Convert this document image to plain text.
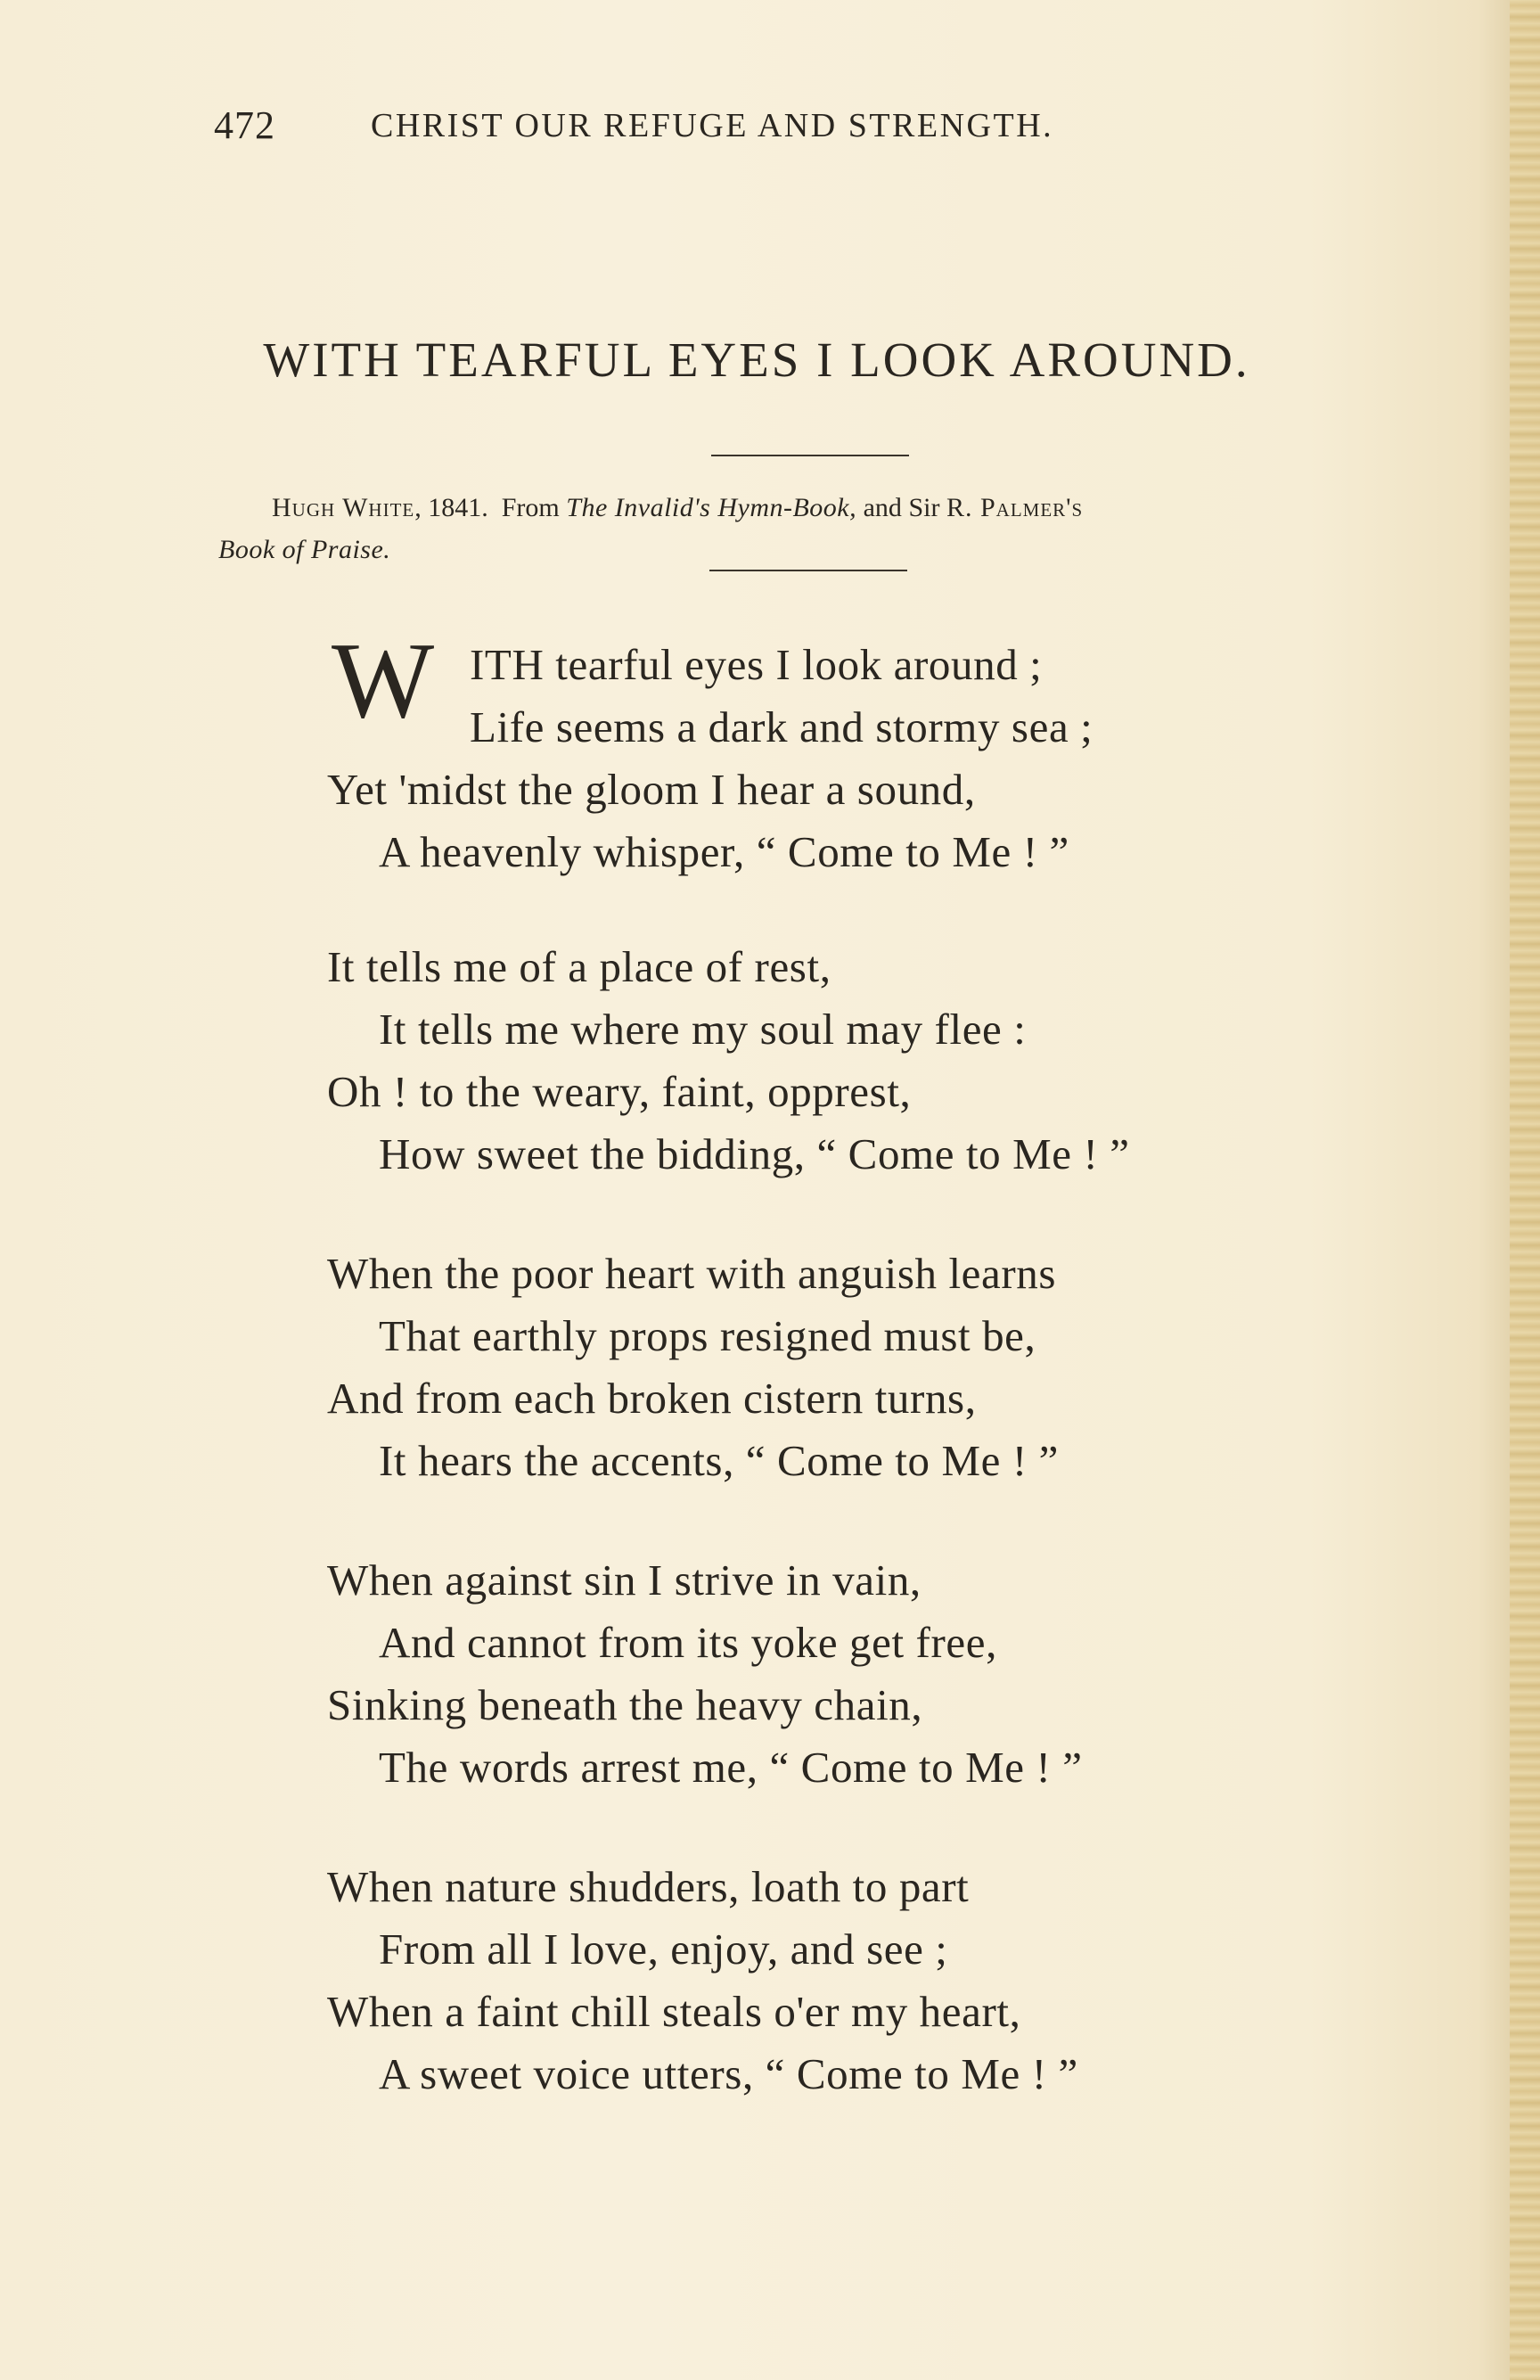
472	CHRIST OUR REFUGE AND STRENGTH.
WITH TEARFUL EYES I LOOK AROUND.
Hugh White, 1841. From The Invalid's Hymn-Book, and Sir R. Palmer's
Book of Praise.
W ITH tearful eyes I look around ;
Life seems a dark and stormy sea ;
Yet 'midst the gloom I hear a sound,
A heavenly whisper, “ Come to Me ! ”
It tells me of a place of rest,
It tells me where my soul may flee :
Oh ! to the weary, faint, opprest,
How sweet the bidding, “ Come to Me ! ”
When the poor heart with anguish learns
That earthly props resigned must be,
And from each broken cistern turns,
It hears the accents, “ Come to Me ! ”
When against sin I strive in vain,
And cannot from its yoke get free,
Sinking beneath the heavy chain,
The words arrest me, “ Come to Me ! ”
When nature shudders, loath to part
From all I love, enjoy, and see ;
When a faint chill steals o'er my heart,
A sweet voice utters, “ Come to Me ! ”
